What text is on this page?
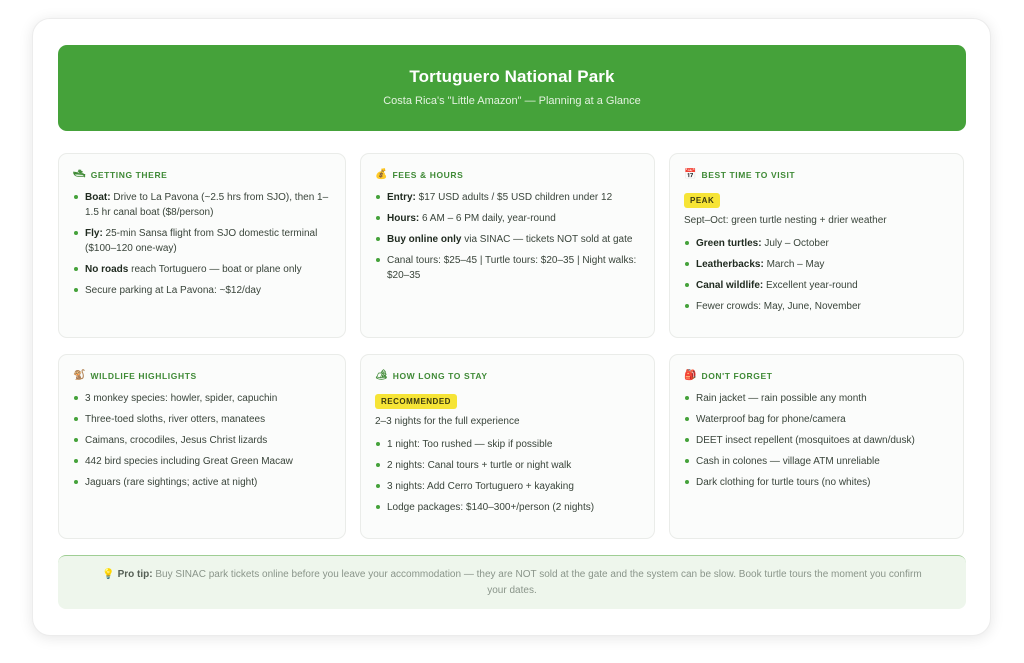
Tortuguero National Park

Costa Rica's "Little Amazon" — Planning at a Glance

🛥 GETTING THERE
Boat: Drive to La Pavona (~2.5 hrs from SJO), then 1–1.5 hr canal boat ($8/person)
Fly: 25-min Sansa flight from SJO domestic terminal ($100–120 one-way)
No roads reach Tortuguero — boat or plane only
Secure parking at La Pavona: ~$12/day
💰 FEES & HOURS
Entry: $17 USD adults / $5 USD children under 12
Hours: 6 AM – 6 PM daily, year-round
Buy online only via SINAC — tickets NOT sold at gate
Canal tours: $25–45 | Turtle tours: $20–35 | Night walks: $20–35
📅 BEST TIME TO VISIT
PEAK

Sept–Oct: green turtle nesting + drier weather

Green turtles: July – October
Leatherbacks: March – May
Canal wildlife: Excellent year-round
Fewer crowds: May, June, November
🐒 WILDLIFE HIGHLIGHTS
3 monkey species: howler, spider, capuchin
Three-toed sloths, river otters, manatees
Caimans, crocodiles, Jesus Christ lizards
442 bird species including Great Green Macaw
Jaguars (rare sightings; active at night)
🏕 HOW LONG TO STAY
RECOMMENDED

2–3 nights for the full experience

1 night: Too rushed — skip if possible
2 nights: Canal tours + turtle or night walk
3 nights: Add Cerro Tortuguero + kayaking
Lodge packages: $140–300+/person (2 nights)
🎒 DON'T FORGET
Rain jacket — rain possible any month
Waterproof bag for phone/camera
DEET insect repellent (mosquitoes at dawn/dusk)
Cash in colones — village ATM unreliable
Dark clothing for turtle tours (no whites)
💡 Pro tip: Buy SINAC park tickets online before you leave your accommodation — they are NOT sold at the gate and the system can be slow. Book turtle tours the moment you confirm your dates.
